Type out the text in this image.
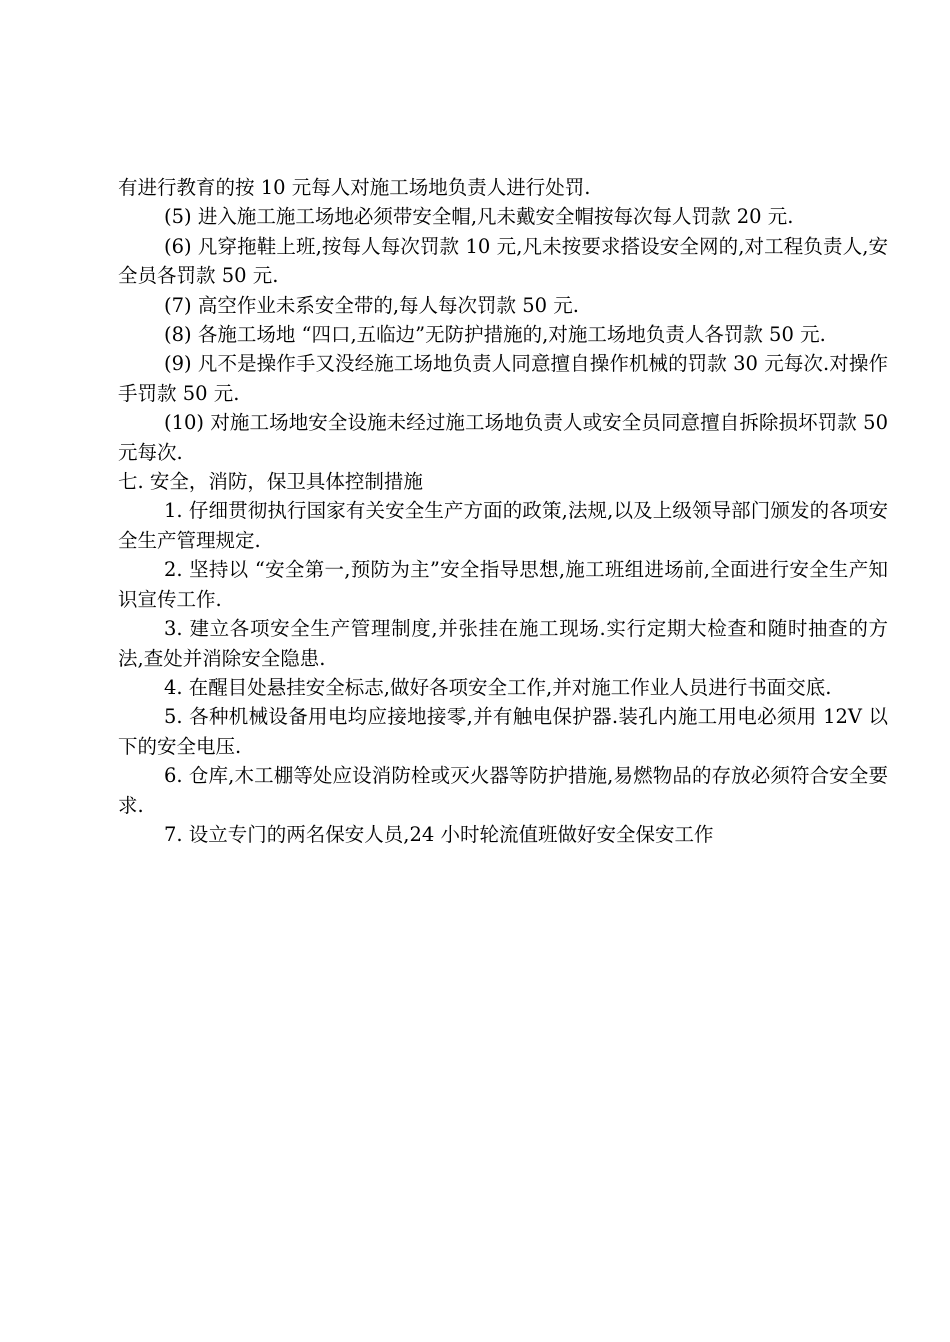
有进行教育的按 10 元每人对施工场地负责人进行处罚.

(5) 进入施工施工场地必须带安全帽,凡未戴安全帽按每次每人罚款 20 元.

(6) 凡穿拖鞋上班,按每人每次罚款 10 元,凡未按要求搭设安全网的,对工程负责人,安全员各罚款 50 元.

(7) 高空作业未系安全带的,每人每次罚款 50 元.

(8) 各施工场地 “四口,五临边”无防护措施的,对施工场地负责人各罚款 50 元.

(9) 凡不是操作手又没经施工场地负责人同意擅自操作机械的罚款 30 元每次.对操作手罚款 50 元.

(10) 对施工场地安全设施未经过施工场地负责人或安全员同意擅自拆除损坏罚款 50 元每次.

七. 安全，消防，保卫具体控制措施

1. 仔细贯彻执行国家有关安全生产方面的政策,法规,以及上级领导部门颁发的各项安全生产管理规定.

2. 坚持以 “安全第一,预防为主”安全指导思想,施工班组进场前,全面进行安全生产知识宣传工作.

3. 建立各项安全生产管理制度,并张挂在施工现场.实行定期大检查和随时抽查的方法,查处并消除安全隐患.

4. 在醒目处悬挂安全标志,做好各项安全工作,并对施工作业人员进行书面交底.

5. 各种机械设备用电均应接地接零,并有触电保护器.装孔内施工用电必须用 12V 以下的安全电压.

6. 仓库,木工棚等处应设消防栓或灭火器等防护措施,易燃物品的存放必须符合安全要求.

7. 设立专门的两名保安人员,24 小时轮流值班做好安全保安工作
